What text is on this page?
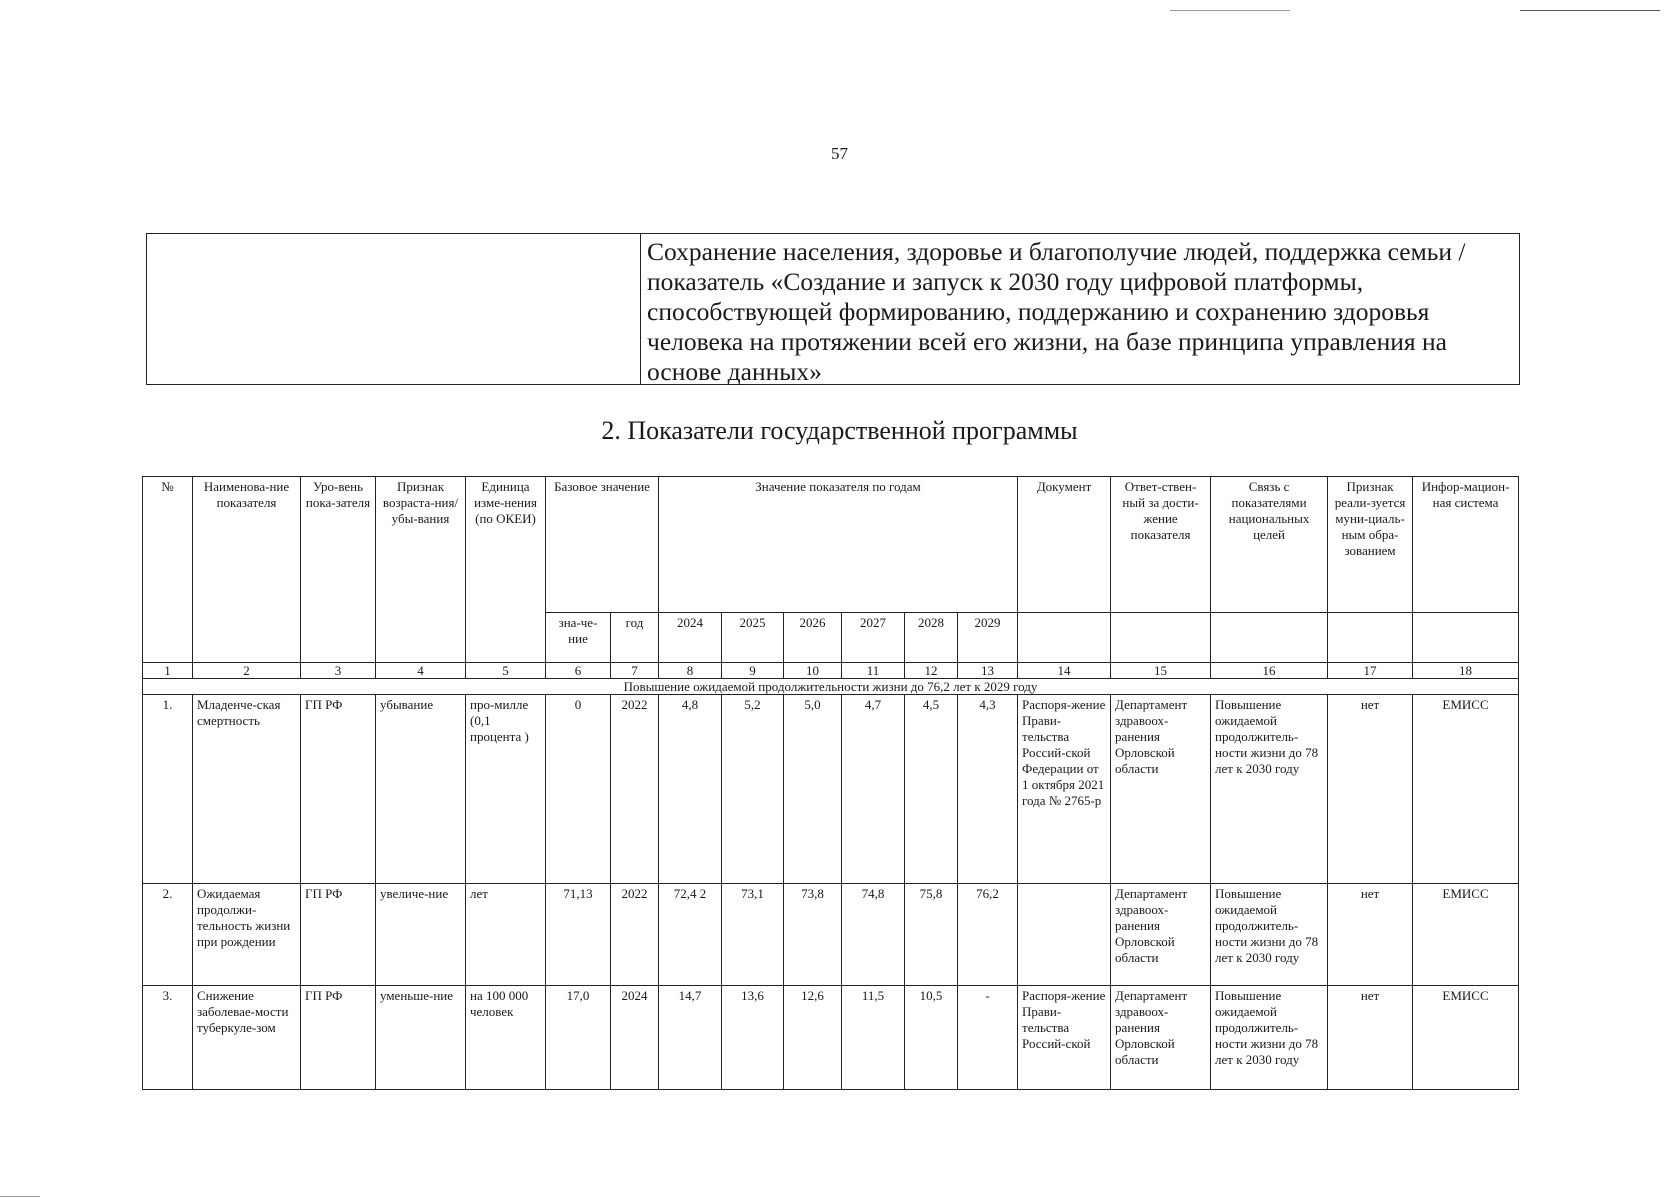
57
Сохранение населения, здоровье и благополучие людей, поддержка семьи /показатель «Создание и запуск к 2030 году цифровой платформы, способствующей формированию, поддержанию и сохранению здоровья человека на протяжении всей его жизни, на базе принципа управления на основе данных»
2. Показатели государственной программы
№	Наименова-ние показателя	Уро-вень пока-зателя	Признак возраста-ния/убы-вания	Единица изме-нения (по ОКЕИ)	Базовое значение		Значение показателя по годам						Документ	Ответ-ствен-ный за дости-жение показателя	Связь с показателями национальных целей	Признак реали-зуется муни-циаль-ным обра-зованием	Инфор-мацион-ная система
					зна-че-ние	год	2024	2025	2026	2027	2028	2029					
1	2	3	4	5	6	7	8	9	10	11	12	13	14	15	16	17	18
Повышение ожидаемой продолжительности жизни до 76,2 лет к 2029 году																	
1.	Младенче-ская смертность	ГП РФ	убывание	про-милле (0,1 процента )	0	2022	4,8	5,2	5,0	4,7	4,5	4,3	Распоря-жение Прави-тельства Россий-ской Федерации от 1 октября 2021 года № 2765-р	Департамент здравоох-ранения Орловской области	Повышение ожидаемой продолжитель-ности жизни до 78 лет к 2030 году	нет	ЕМИСС
2.	Ожидаемая продолжи-тельность жизни при рождении	ГП РФ	увеличе-ние	лет	71,13	2022	72,4 2	73,1	73,8	74,8	75,8	76,2		Департамент здравоох-ранения Орловской области	Повышение ожидаемой продолжитель-ности жизни до 78 лет к 2030 году	нет	ЕМИСС
3.	Снижение заболевае-мости туберкуле-зом	ГП РФ	уменьше-ние	на 100 000 человек	17,0	2024	14,7	13,6	12,6	11,5	10,5	-	Распоря-жение Прави-тельства Россий-ской	Департамент здравоох-ранения Орловской области	Повышение ожидаемой продолжитель-ности жизни до 78 лет к 2030 году	нет	ЕМИСС
